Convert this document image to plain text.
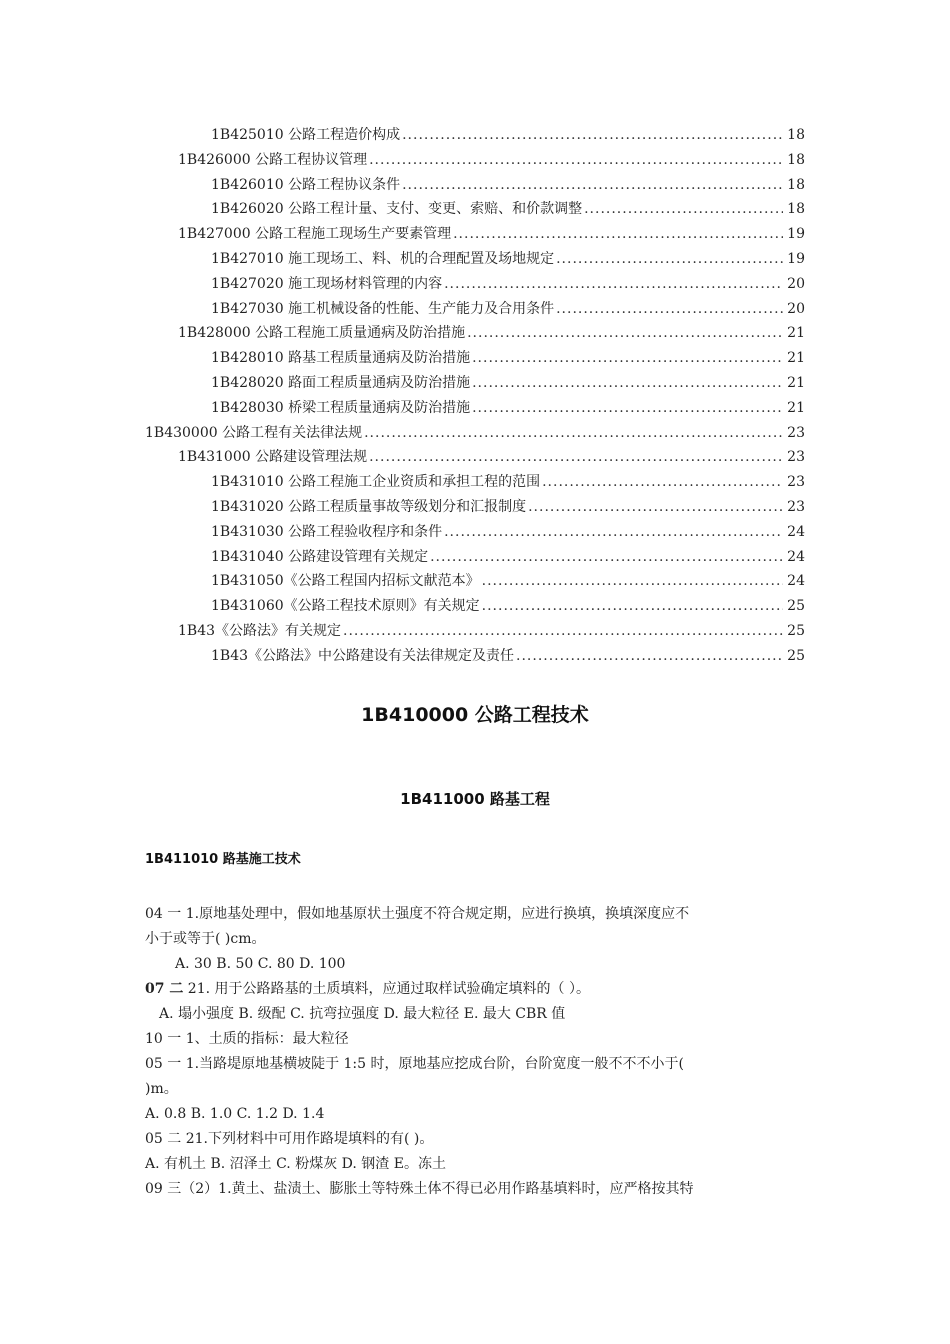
1B425010 公路工程造价构成 .....	18
1B426000 公路工程协议管理 .....	18
1B426010 公路工程协议条件 .....	18
1B426020 公路工程计量、支付、变更、索赔、和价款调整 .....	18
1B427000 公路工程施工现场生产要素管理 .....	19
1B427010 施工现场工、料、机的合理配置及场地规定 .....	19
1B427020 施工现场材料管理的内容 .....	20
1B427030 施工机械设备的性能、生产能力及合用条件 .....	20
1B428000 公路工程施工质量通病及防治措施 .....	21
1B428010 路基工程质量通病及防治措施 .....	21
1B428020 路面工程质量通病及防治措施 .....	21
1B428030 桥梁工程质量通病及防治措施 .....	21
1B430000 公路工程有关法律法规 .....	23
1B431000 公路建设管理法规 .....	23
1B431010 公路工程施工企业资质和承担工程的范围 .....	23
1B431020 公路工程质量事故等级划分和汇报制度 .....	23
1B431030 公路工程验收程序和条件 .....	24
1B431040 公路建设管理有关规定 .....	24
1B431050《公路工程国内招标文献范本》 .....	24
1B431060《公路工程技术原则》有关规定 .....	25
1B43《公路法》有关规定 .....	25
1B43《公路法》中公路建设有关法律规定及责任 .....	25
1B410000 公路工程技术
1B411000 路基工程
1B411010 路基施工技术
04 一 1.原地基处理中，假如地基原状土强度不符合规定期，应进行换填，换填深度应不
小于或等于( )cm。
A. 30 B. 50 C. 80 D. 100
07 二 21. 用于公路路基的土质填料，应通过取样试验确定填料的（ ）。
A. 塌小强度 B. 级配 C. 抗弯拉强度 D. 最大粒径 E. 最大 CBR 值
10 一 1、土质的指标：最大粒径
05 一 1.当路堤原地基横坡陡于 1:5 时，原地基应挖成台阶，台阶宽度一般不不不小于(
)m。
A. 0.8 B. 1.0 C. 1.2 D. 1.4
05 二 21.下列材料中可用作路堤填料的有( )。
A. 有机土 B. 沼泽土 C. 粉煤灰 D. 钢渣 E。冻土
09 三（2）1.黄土、盐渍土、膨胀土等特殊土体不得已必用作路基填料时，应严格按其特
